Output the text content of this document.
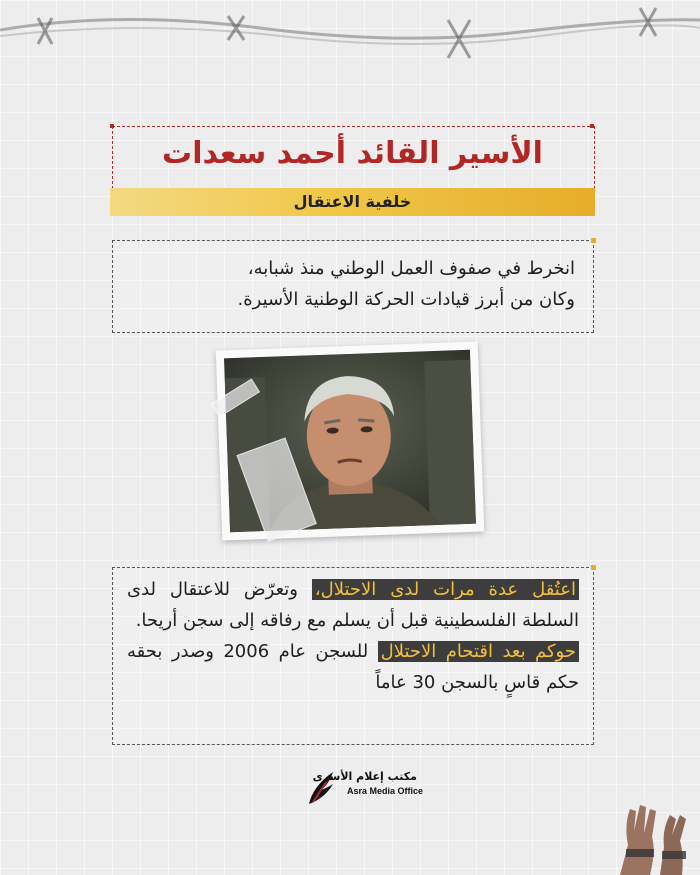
الأسير القائد أحمد سعدات
خلفية الاعتقال

انخرط في صفوف العمل الوطني منذ شبابه،

وكان من أبرز قيادات الحركة الوطنية الأسيرة.

اعتُقل عدة مرات لدى الاحتلال، وتعرّض للاعتقال لدى السلطة الفلسطينية قبل أن يسلم مع رفاقه إلى سجن أريحا.

حوكم بعد اقتحام الاحتلال للسجن عام 2006 وصدر بحقه حكم قاسٍ بالسجن 30 عاماً

مكتب إعلام الأسرى
Asra Media Office
